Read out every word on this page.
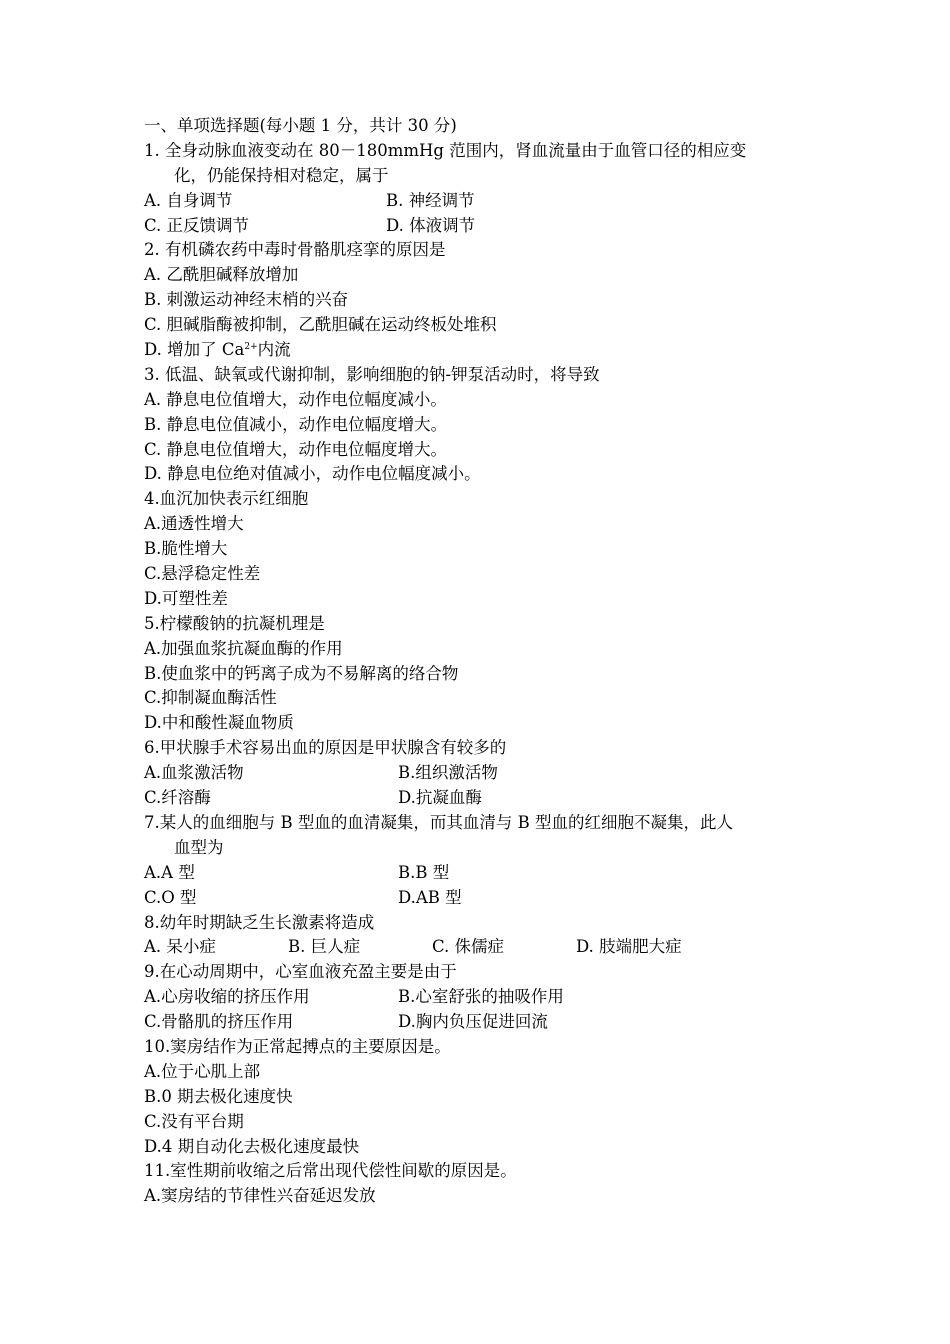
一、单项选择题(每小题 1 分，共计 30 分)
1. 全身动脉血液变动在 80－180mmHg 范围内，肾血流量由于血管口径的相应变
化，仍能保持相对稳定，属于
A. 自身调节	B. 神经调节
C. 正反馈调节	D. 体液调节
2. 有机磷农药中毒时骨骼肌痉挛的原因是
A. 乙酰胆碱释放增加
B. 刺激运动神经末梢的兴奋
C. 胆碱脂酶被抑制，乙酰胆碱在运动终板处堆积
D. 增加了 $Ca^{2+}$内流
3. 低温、缺氧或代谢抑制，影响细胞的钠-钾泵活动时，将导致
A. 静息电位值增大，动作电位幅度减小。
B. 静息电位值减小，动作电位幅度增大。
C. 静息电位值增大，动作电位幅度增大。
D. 静息电位绝对值减小，动作电位幅度减小。
4.血沉加快表示红细胞
A.通透性增大
B.脆性增大
C.悬浮稳定性差
D.可塑性差
5.柠檬酸钠的抗凝机理是
A.加强血浆抗凝血酶的作用
B.使血浆中的钙离子成为不易解离的络合物
C.抑制凝血酶活性
D.中和酸性凝血物质
6.甲状腺手术容易出血的原因是甲状腺含有较多的
A.血浆激活物	B.组织激活物
C.纤溶酶	D.抗凝血酶
7.某人的血细胞与 B 型血的血清凝集，而其血清与 B 型血的红细胞不凝集，此人
血型为
A.A 型	B.B 型
C.O 型	D.AB 型
8.幼年时期缺乏生长激素将造成
A. 呆小症	B. 巨人症	C. 侏儒症	D. 肢端肥大症
9.在心动周期中，心室血液充盈主要是由于
A.心房收缩的挤压作用	B.心室舒张的抽吸作用
C.骨骼肌的挤压作用	D.胸内负压促进回流
10.窦房结作为正常起搏点的主要原因是。
A.位于心肌上部
B.0 期去极化速度快
C.没有平台期
D.4 期自动化去极化速度最快
11.室性期前收缩之后常出现代偿性间歇的原因是。
A.窦房结的节律性兴奋延迟发放
